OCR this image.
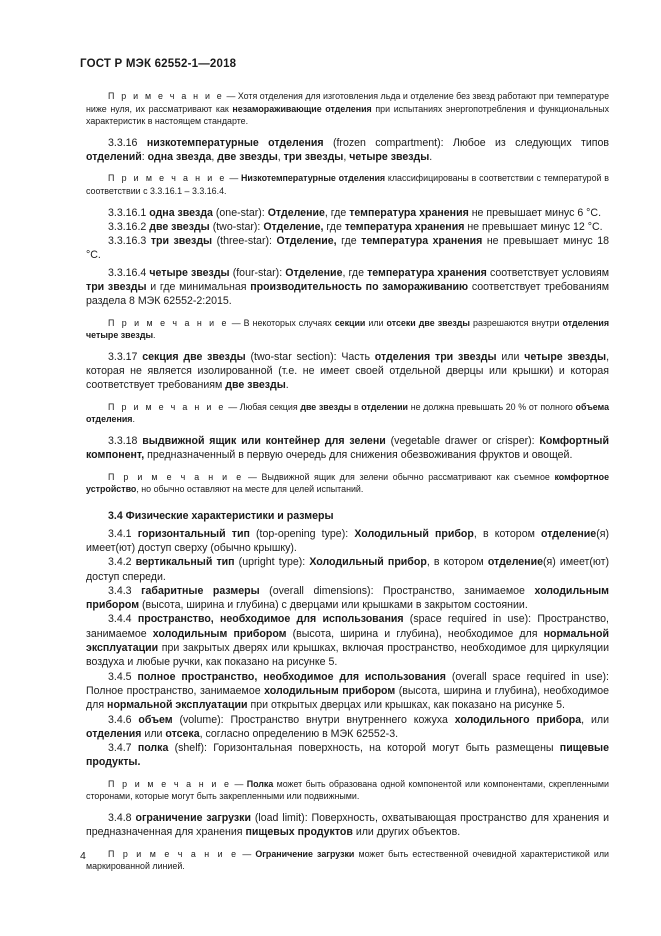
ГОСТ Р МЭК 62552-1—2018

П р и м е ч а н и е — Хотя отделения для изготовления льда и отделение без звезд работают при температуре ниже нуля, их рассматривают как незамораживающие отделения при испытаниях энергопотребления и функциональных характеристик в настоящем стандарте.

3.3.16 низкотемпературные отделения (frozen compartment): Любое из следующих типов отделений: одна звезда, две звезды, три звезды, четыре звезды.

П р и м е ч а н и е — Низкотемпературные отделения классифицированы в соответствии с температурой в соответствии с 3.3.16.1 – 3.3.16.4.

3.3.16.1 одна звезда (one-star): Отделение, где температура хранения не превышает минус 6 °С.

3.3.16.2 две звезды (two-star): Отделение, где температура хранения не превышает минус 12 °С.

3.3.16.3 три звезды (three-star): Отделение, где температура хранения не превышает минус 18 °С.

3.3.16.4 четыре звезды (four-star): Отделение, где температура хранения соответствует условиям три звезды и где минимальная производительность по замораживанию соответствует требованиям раздела 8 МЭК 62552-2:2015.

П р и м е ч а н и е — В некоторых случаях секции или отсеки две звезды разрешаются внутри отделения четыре звезды.

3.3.17 секция две звезды (two-star section): Часть отделения три звезды или четыре звезды, которая не является изолированной (т.е. не имеет своей отдельной дверцы или крышки) и которая соответствует требованиям две звезды.

П р и м е ч а н и е — Любая секция две звезды в отделении не должна превышать 20 % от полного объема отделения.

3.3.18 выдвижной ящик или контейнер для зелени (vegetable drawer or crisper): Комфортный компонент, предназначенный в первую очередь для снижения обезвоживания фруктов и овощей.

П р и м е ч а н и е — Выдвижной ящик для зелени обычно рассматривают как съемное комфортное устройство, но обычно оставляют на месте для целей испытаний.

3.4 Физические характеристики и размеры

3.4.1 горизонтальный тип (top-opening type): Холодильный прибор, в котором отделение(я) имеет(ют) доступ сверху (обычно крышку).

3.4.2 вертикальный тип (upright type): Холодильный прибор, в котором отделение(я) имеет(ют) доступ спереди.

3.4.3 габаритные размеры (overall dimensions): Пространство, занимаемое холодильным прибором (высота, ширина и глубина) с дверцами или крышками в закрытом состоянии.

3.4.4 пространство, необходимое для использования (space required in use): Пространство, занимаемое холодильным прибором (высота, ширина и глубина), необходимое для нормальной эксплуатации при закрытых дверях или крышках, включая пространство, необходимое для циркуляции воздуха и любые ручки, как показано на рисунке 5.

3.4.5 полное пространство, необходимое для использования (overall space required in use): Полное пространство, занимаемое холодильным прибором (высота, ширина и глубина), необходимое для нормальной эксплуатации при открытых дверцах или крышках, как показано на рисунке 5.

3.4.6 объем (volume): Пространство внутри внутреннего кожуха холодильного прибора, или отделения или отсека, согласно определению в МЭК 62552-3.

3.4.7 полка (shelf): Горизонтальная поверхность, на которой могут быть размещены пищевые продукты.

П р и м е ч а н и е — Полка может быть образована одной компонентой или компонентами, скрепленными сторонами, которые могут быть закрепленными или подвижными.

3.4.8 ограничение загрузки (load limit): Поверхность, охватывающая пространство для хранения и предназначенная для хранения пищевых продуктов или других объектов.

П р и м е ч а н и е — Ограничение загрузки может быть естественной очевидной характеристикой или маркированной линией.

4
